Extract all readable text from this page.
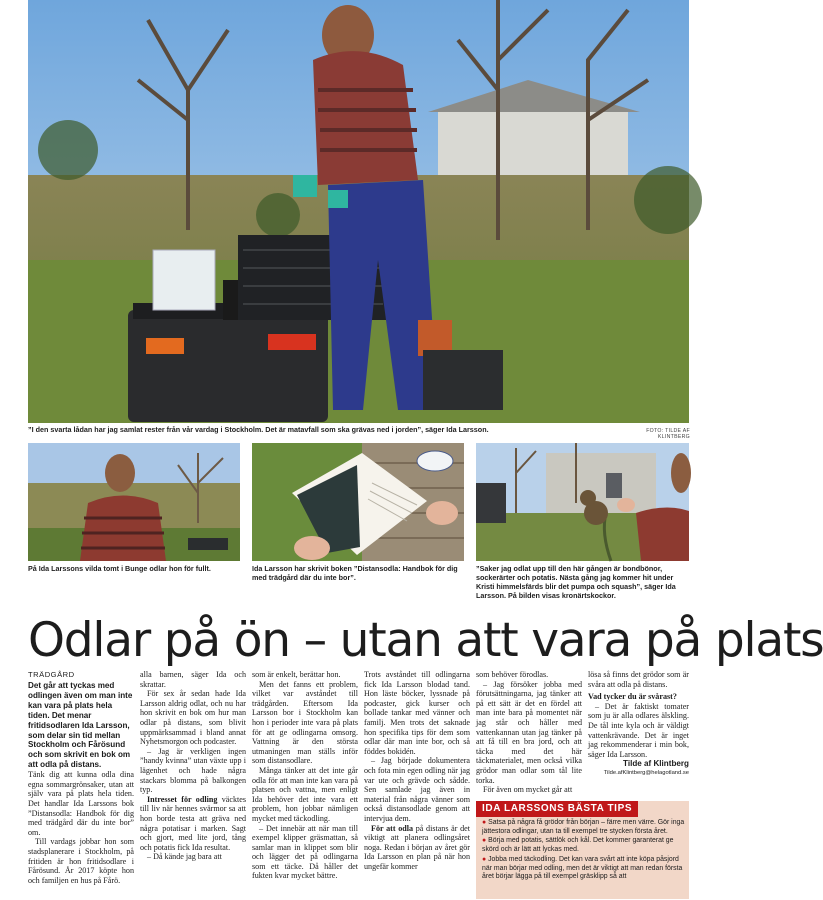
”I den svarta lådan har jag samlat rester från vår vardag i Stockholm. Det är matavfall som ska grävas ned i jorden”, säger Ida Larsson.	FOTO: TILDE AF KLINTBERG
På Ida Larssons vilda tomt i Bunge odlar hon för fullt.	Ida Larsson har skrivit boken ”Distansodla: Handbok för dig med trädgård där du inte bor”.
”Saker jag odlat upp till den här gången är bondbönor, sockerärter och potatis. Nästa gång jag kommer hit under Kristi himmelsfärds blir det pumpa och squash”, säger Ida Larsson. På bilden visas kronärtskockor.
Odlar på ön – utan att vara på plats
TRÄDGÅRD

Det går att tyckas med odlingen även om man inte kan vara på plats hela tiden. Det menar fritidsodlaren Ida Larsson, som delar sin tid mellan Stockholm och Fårösund och som skrivit en bok om att odla på distans.

Tänk dig att kunna odla dina egna sommargrönsaker, utan att själv vara på plats hela tiden. Det handlar Ida Larssons bok ”Distansodla: Handbok för dig med trädgård där du inte bor” om.

Till vardags jobbar hon som stadsplanerare i Stockholm, på fritiden är hon fritidsodlare i Fårösund. År 2017 köpte hon och familjen en hus på Fårö.

alla barnen, säger Ida och skrattar.

För sex år sedan hade Ida Larsson aldrig odlat, och nu har hon skrivit en bok om hur man odlar på distans, som blivit uppmärksammad i bland annat Nyhetsmorgon och podcaster.

– Jag är verkligen ingen ”handy kvinna” utan växte upp i lägenhet och hade några stackars blomma på balkongen typ.

Intresset för odling väcktes till liv när hennes svärmor sa att hon borde testa att gräva ned några potatisar i marken. Sagt och gjort, med lite jord, tång och potatis fick Ida resultat.

– Då kände jag bara att

som är enkelt, berättar hon.

Men det fanns ett problem, vilket var avståndet till trädgården. Eftersom Ida Larsson bor i Stockholm kan hon i perioder inte vara på plats för att ge odlingarna omsorg. Vattning är den största utmaningen man ställs inför som distansodlare.

Många tänker att det inte går odla för att man inte kan vara på platsen och vattna, men enligt Ida behöver det inte vara ett problem, hon jobbar nämligen mycket med täckodling.

– Det innebär att när man till exempel klipper gräsmattan, så samlar man in klippet som blir och lägger det på odlingarna som ett täcke. Då håller det fukten kvar mycket bättre.

Trots avståndet till odlingarna fick Ida Larsson blodad tand. Hon läste böcker, lyssnade på podcaster, gick kurser och bollade tankar med vänner och familj. Men trots det saknade hon specifika tips för dem som odlar där man inte bor, och så föddes bokidén.

– Jag började dokumentera och fota min egen odling när jag var ute och grävde och sådde. Sen samlade jag även in material från några vänner som också distansodlade genom att intervjua dem.

För att odla på distans är det viktigt att planera odlingsåret noga. Redan i början av året gör Ida Larsson en plan på när hon ungefär kommer

som behöver förodlas.

– Jag försöker jobba med förutsättningarna, jag tänker att på ett sätt är det en fördel att man inte bara på momentet när jag står och håller med vattenkannan utan jag tänker på att få till en bra jord, och att täcka med det här täckmaterialet, men också vilka grödor man odlar som tål lite torka.

För även om mycket går att

lösa så finns det grödor som är svåra att odla på distans.

Vad tycker du är svårast?

– Det är faktiskt tomater som ju är alla odlares älskling. De tål inte kyla och är väldigt vattenkrävande. Det är inget jag rekommenderar i min bok, säger Ida Larsson.

Tilde af Klintberg
Tilde.afKlintberg@helagotland.se
IDA LARSSONS BÄSTA TIPS
● Satsa på några få grödor från början – färre men värre. Gör inga jättestora odlingar, utan ta till exempel tre stycken första året.
● Börja med potatis, sättlök och kål. Det kommer garanterat ge skörd och är lätt att lyckas med.
● Jobba med täckodling. Det kan vara svårt att inte köpa påsjord när man börjar med odling, men det är viktigt att man redan första året börjar lägga på till exempel gräsklipp så att
